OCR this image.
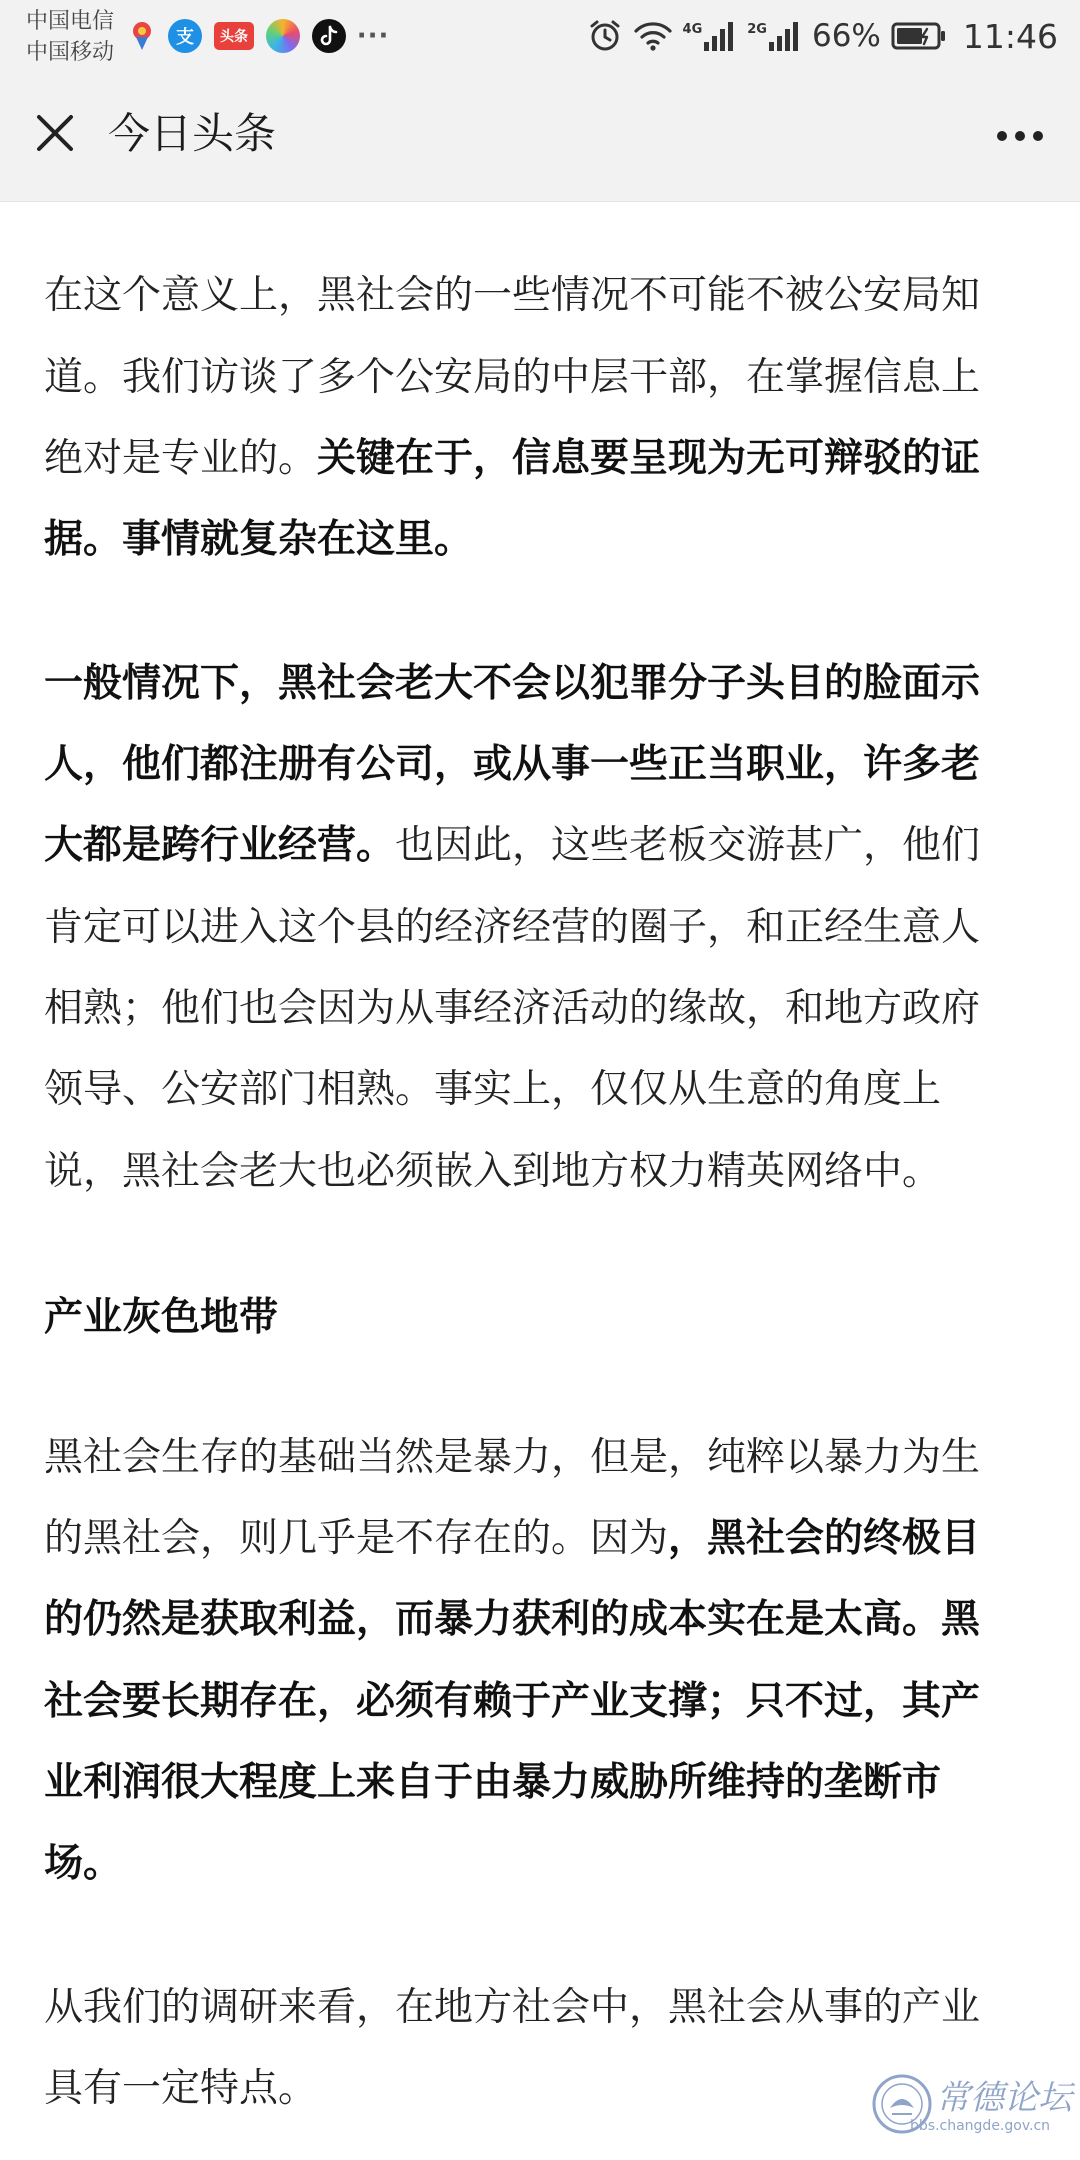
中国电信
中国移动
支	头条	···	4G	2G 66% 11:46
今日头条
在这个意义上，黑社会的一些情况不可能不被公安局知
道。我们访谈了多个公安局的中层干部，在掌握信息上
绝对是专业的。关键在于，信息要呈现为无可辩驳的证
据。事情就复杂在这里。
一般情况下，黑社会老大不会以犯罪分子头目的脸面示
人，他们都注册有公司，或从事一些正当职业，许多老
大都是跨行业经营。也因此，这些老板交游甚广，他们
肯定可以进入这个县的经济经营的圈子，和正经生意人
相熟；他们也会因为从事经济活动的缘故，和地方政府
领导、公安部门相熟。事实上，仅仅从生意的角度上
说，黑社会老大也必须嵌入到地方权力精英网络中。
产业灰色地带
黑社会生存的基础当然是暴力，但是，纯粹以暴力为生
的黑社会，则几乎是不存在的。因为，黑社会的终极目
的仍然是获取利益，而暴力获利的成本实在是太高。黑
社会要长期存在，必须有赖于产业支撑；只不过，其产
业利润很大程度上来自于由暴力威胁所维持的垄断市
场。
从我们的调研来看，在地方社会中，黑社会从事的产业
具有一定特点。	常德论坛
bbs.changde.gov.cn
